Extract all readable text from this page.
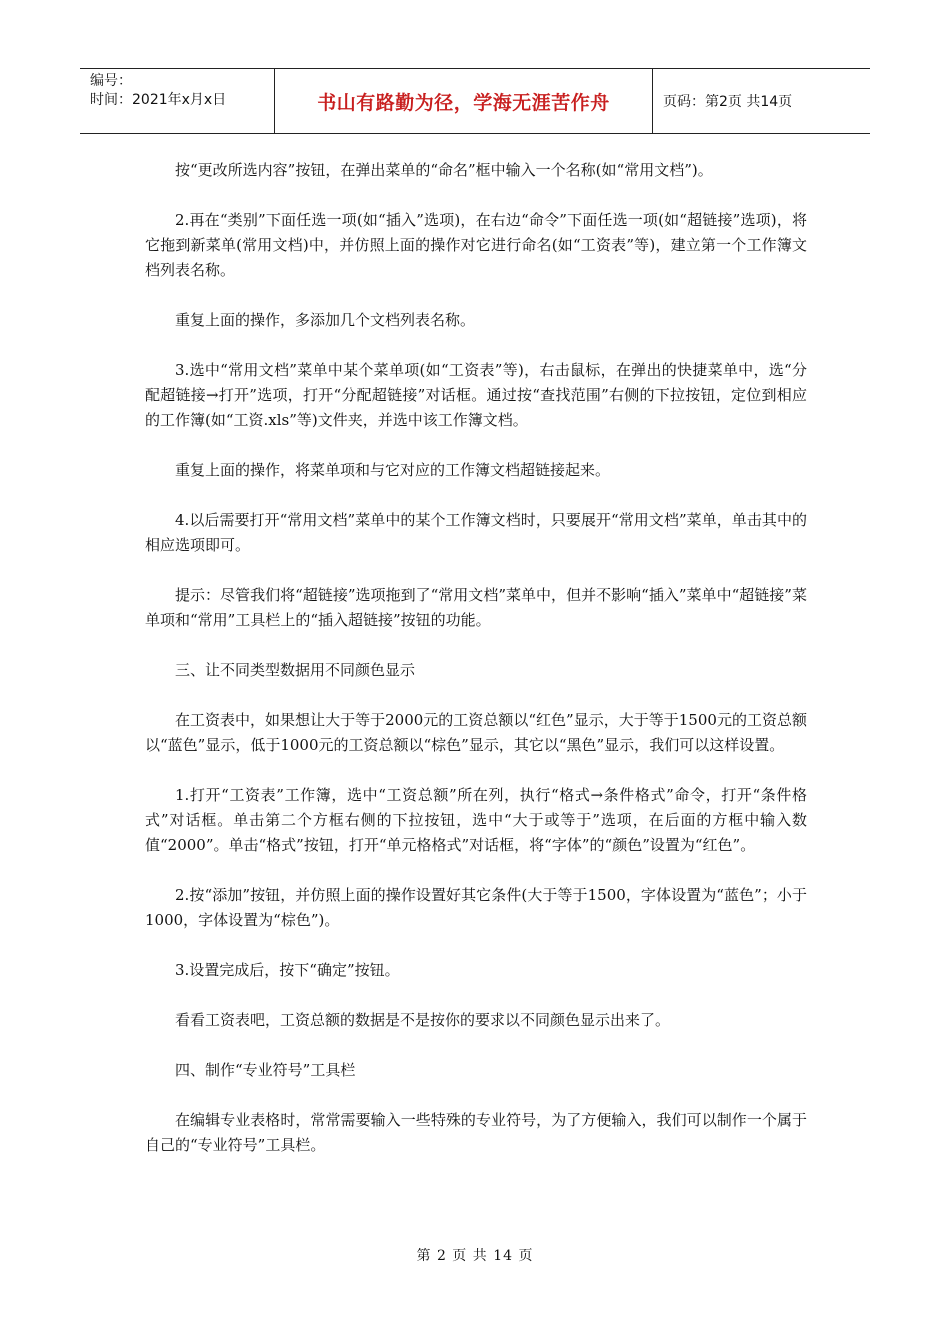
编号：
时间：2021年x月x日	书山有路勤为径，学海无涯苦作舟	页码：第2页 共14页

按“更改所选内容”按钮，在弹出菜单的“命名”框中输入一个名称(如“常用文档”)。

2.再在“类别”下面任选一项(如“插入”选项)，在右边“命令”下面任选一项(如“超链接”选项)，将它拖到新菜单(常用文档)中，并仿照上面的操作对它进行命名(如“工资表”等)，建立第一个工作簿文档列表名称。

重复上面的操作，多添加几个文档列表名称。

3.选中“常用文档”菜单中某个菜单项(如“工资表”等)，右击鼠标，在弹出的快捷菜单中，选“分配超链接→打开”选项，打开“分配超链接”对话框。通过按“查找范围”右侧的下拉按钮，定位到相应的工作簿(如“工资.xls”等)文件夹，并选中该工作簿文档。

重复上面的操作，将菜单项和与它对应的工作簿文档超链接起来。

4.以后需要打开“常用文档”菜单中的某个工作簿文档时，只要展开“常用文档”菜单，单击其中的相应选项即可。

提示：尽管我们将“超链接”选项拖到了“常用文档”菜单中，但并不影响“插入”菜单中“超链接”菜单项和“常用”工具栏上的“插入超链接”按钮的功能。

三、让不同类型数据用不同颜色显示

在工资表中，如果想让大于等于2000元的工资总额以“红色”显示，大于等于1500元的工资总额以“蓝色”显示，低于1000元的工资总额以“棕色”显示，其它以“黑色”显示，我们可以这样设置。

1.打开“工资表”工作簿，选中“工资总额”所在列，执行“格式→条件格式”命令，打开“条件格式”对话框。单击第二个方框右侧的下拉按钮，选中“大于或等于”选项，在后面的方框中输入数值“2000”。单击“格式”按钮，打开“单元格格式”对话框，将“字体”的“颜色”设置为“红色”。

2.按“添加”按钮，并仿照上面的操作设置好其它条件(大于等于1500，字体设置为“蓝色”；小于1000，字体设置为“棕色”)。

3.设置完成后，按下“确定”按钮。

看看工资表吧，工资总额的数据是不是按你的要求以不同颜色显示出来了。

四、制作“专业符号”工具栏

在编辑专业表格时，常常需要输入一些特殊的专业符号，为了方便输入，我们可以制作一个属于自己的“专业符号”工具栏。

第 2 页 共 14 页
